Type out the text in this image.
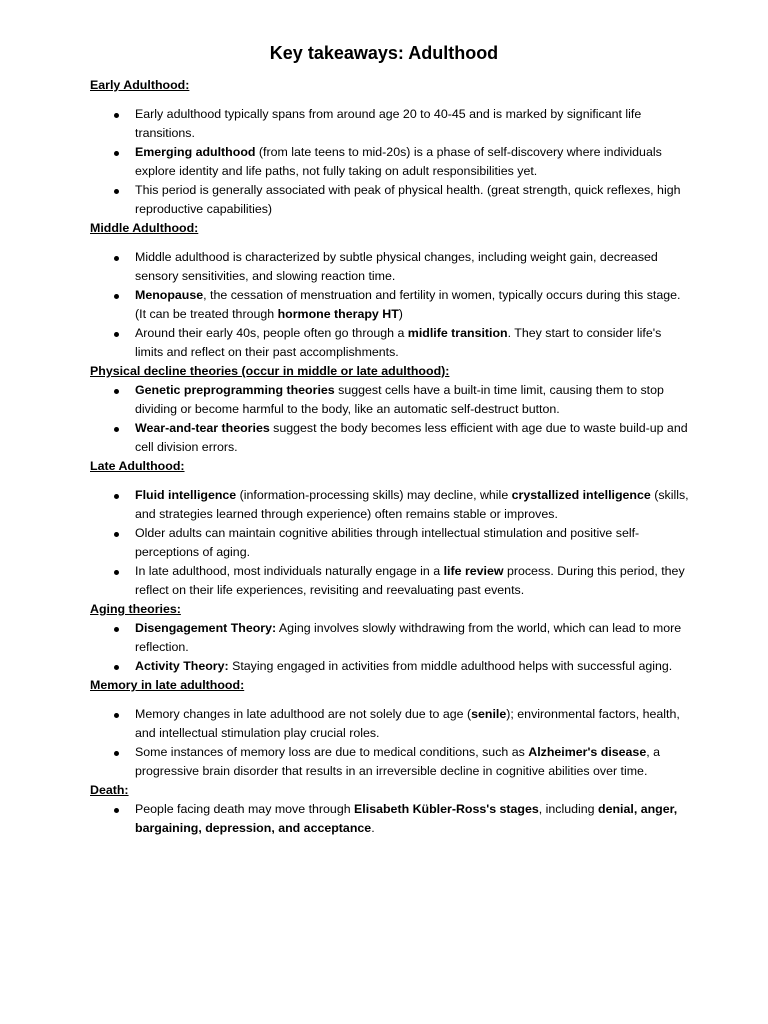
Key takeaways: Adulthood
Early Adulthood:
Early adulthood typically spans from around age 20 to 40-45 and is marked by significant life transitions.
Emerging adulthood (from late teens to mid-20s) is a phase of self-discovery where individuals explore identity and life paths, not fully taking on adult responsibilities yet.
This period is generally associated with peak of physical health. (great strength, quick reflexes, high reproductive capabilities)
Middle Adulthood:
Middle adulthood is characterized by subtle physical changes, including weight gain, decreased sensory sensitivities, and slowing reaction time.
Menopause, the cessation of menstruation and fertility in women, typically occurs during this stage. (It can be treated through hormone therapy HT)
Around their early 40s, people often go through a midlife transition. They start to consider life's limits and reflect on their past accomplishments.
Physical decline theories (occur in middle or late adulthood):
Genetic preprogramming theories suggest cells have a built-in time limit, causing them to stop dividing or become harmful to the body, like an automatic self-destruct button.
Wear-and-tear theories suggest the body becomes less efficient with age due to waste build-up and cell division errors.
Late Adulthood:
Fluid intelligence (information-processing skills) may decline, while crystallized intelligence (skills, and strategies learned through experience) often remains stable or improves.
Older adults can maintain cognitive abilities through intellectual stimulation and positive self-perceptions of aging.
In late adulthood, most individuals naturally engage in a life review process. During this period, they reflect on their life experiences, revisiting and reevaluating past events.
Aging theories:
Disengagement Theory: Aging involves slowly withdrawing from the world, which can lead to more reflection.
Activity Theory: Staying engaged in activities from middle adulthood helps with successful aging.
Memory in late adulthood:
Memory changes in late adulthood are not solely due to age (senile); environmental factors, health, and intellectual stimulation play crucial roles.
Some instances of memory loss are due to medical conditions, such as Alzheimer's disease, a progressive brain disorder that results in an irreversible decline in cognitive abilities over time.
Death:
People facing death may move through Elisabeth Kübler-Ross's stages, including denial, anger, bargaining, depression, and acceptance.
